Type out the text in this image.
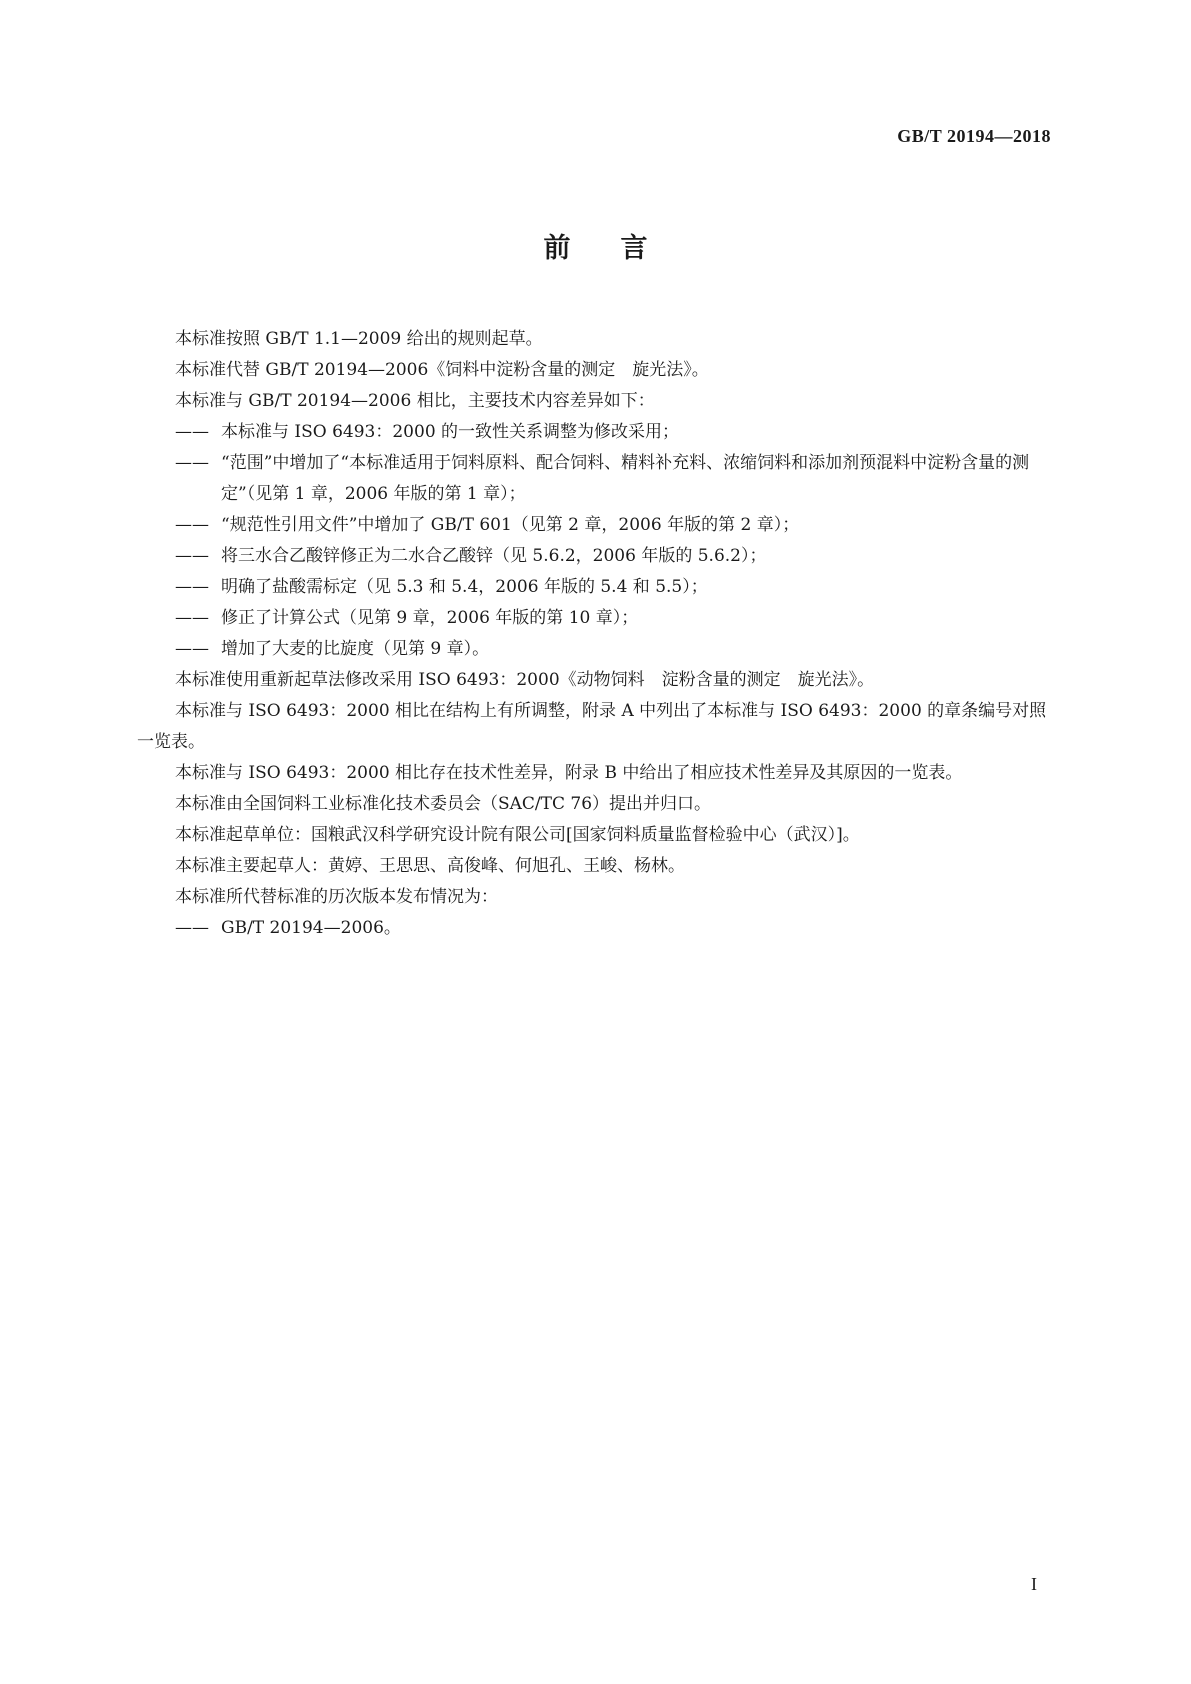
GB/T 20194—2018
前言

本标准按照 GB/T 1.1—2009 给出的规则起草。

本标准代替 GB/T 20194—2006《饲料中淀粉含量的测定　旋光法》。

本标准与 GB/T 20194—2006 相比，主要技术内容差异如下：

—— 本标准与 ISO 6493：2000 的一致性关系调整为修改采用；

—— “范围”中增加了“本标准适用于饲料原料、配合饲料、精料补充料、浓缩饲料和添加剂预混料中淀粉含量的测定”（见第 1 章，2006 年版的第 1 章）；

—— “规范性引用文件”中增加了 GB/T 601（见第 2 章，2006 年版的第 2 章）；

—— 将三水合乙酸锌修正为二水合乙酸锌（见 5.6.2，2006 年版的 5.6.2）；

—— 明确了盐酸需标定（见 5.3 和 5.4，2006 年版的 5.4 和 5.5）；

—— 修正了计算公式（见第 9 章，2006 年版的第 10 章）；

—— 增加了大麦的比旋度（见第 9 章）。

本标准使用重新起草法修改采用 ISO 6493：2000《动物饲料　淀粉含量的测定　旋光法》。

本标准与 ISO 6493：2000 相比在结构上有所调整，附录 A 中列出了本标准与 ISO 6493：2000 的章条编号对照一览表。

本标准与 ISO 6493：2000 相比存在技术性差异，附录 B 中给出了相应技术性差异及其原因的一览表。

本标准由全国饲料工业标准化技术委员会（SAC/TC 76）提出并归口。

本标准起草单位：国粮武汉科学研究设计院有限公司[国家饲料质量监督检验中心（武汉）]。

本标准主要起草人：黄婷、王思思、高俊峰、何旭孔、王峻、杨林。

本标准所代替标准的历次版本发布情况为：

—— GB/T 20194—2006。

I
